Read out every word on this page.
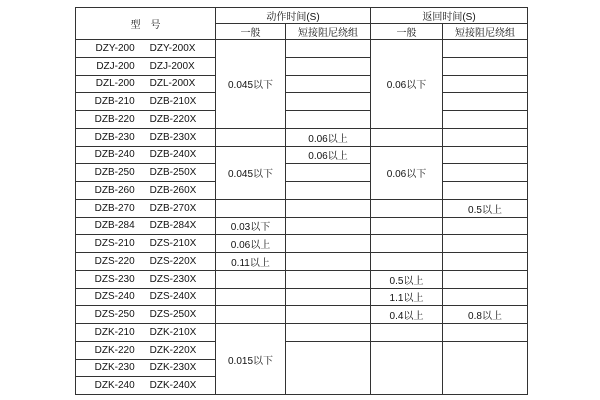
型　号	动作时间(S)		返回时间(S)	
	一般	短接阻尼绕组	一般	短接阻尼绕组

DZY-200 DZY-200X	0.045以下		0.06以下	

DZJ-200 DZJ-200X				

DZL-200 DZL-200X				

DZB-210 DZB-210X				

DZB-220 DZB-220X				

DZB-230 DZB-230X		0.06以上		

DZB-240 DZB-240X	0.045以下	0.06以上	0.06以下	

DZB-250 DZB-250X				

DZB-260 DZB-260X				

DZB-270 DZB-270X				0.5以上

DZB-284 DZB-284X	0.03以下			

DZS-210 DZS-210X	0.06以上			

DZS-220 DZS-220X	0.11以上			

DZS-230 DZS-230X			0.5以上	

DZS-240 DZS-240X			1.1以上	

DZS-250 DZS-250X			0.4以上	0.8以上

DZK-210 DZK-210X	0.015以下			

DZK-220 DZK-220X				

DZK-230 DZK-230X				

DZK-240 DZK-240X				
